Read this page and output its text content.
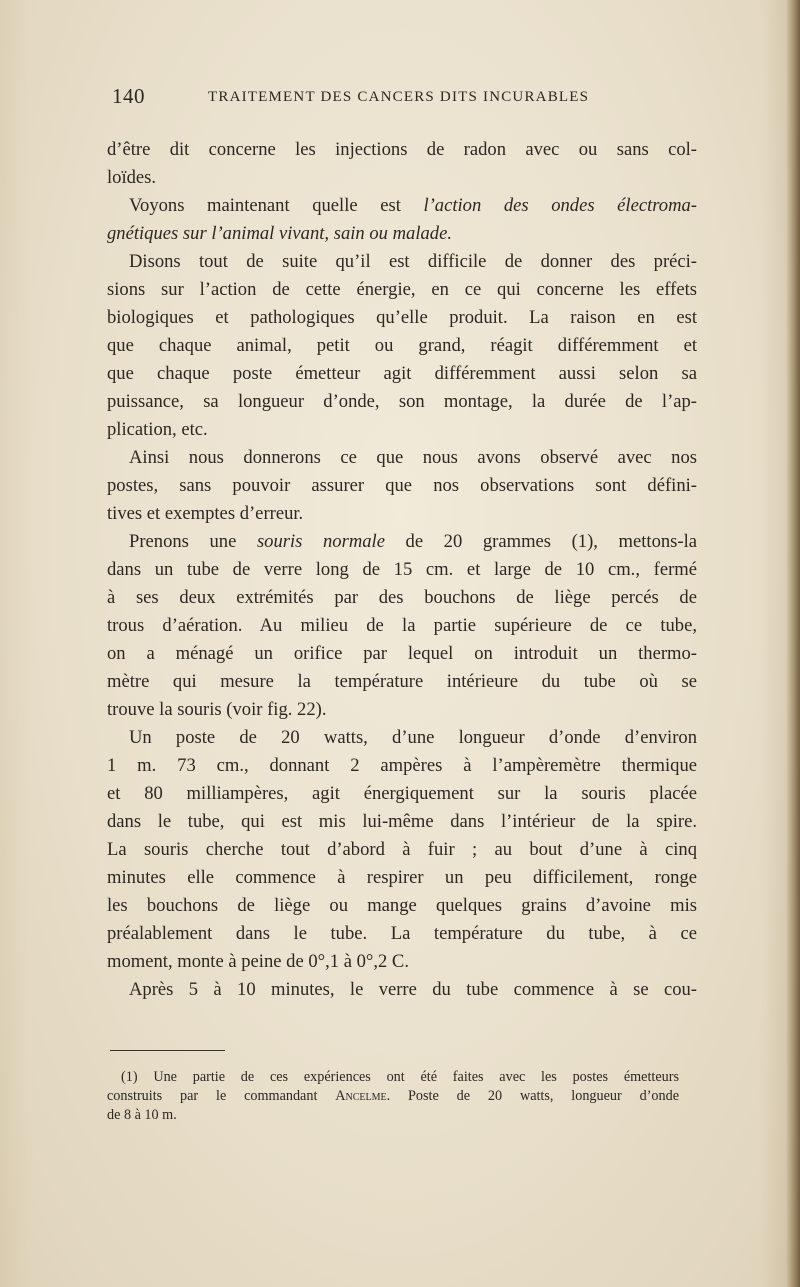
140	TRAITEMENT DES CANCERS DITS INCURABLES
d’être dit concerne les injections de radon avec ou sans col-
loïdes.
Voyons maintenant quelle est l’action des ondes électroma-
gnétiques sur l’animal vivant, sain ou malade.
Disons tout de suite qu’il est difficile de donner des préci-
sions sur l’action de cette énergie, en ce qui concerne les effets
biologiques et pathologiques qu’elle produit. La raison en est
que chaque animal, petit ou grand, réagit différemment et
que chaque poste émetteur agit différemment aussi selon sa
puissance, sa longueur d’onde, son montage, la durée de l’ap-
plication, etc.
Ainsi nous donnerons ce que nous avons observé avec nos
postes, sans pouvoir assurer que nos observations sont défini-
tives et exemptes d’erreur.
Prenons une souris normale de 20 grammes (1), mettons-la
dans un tube de verre long de 15 cm. et large de 10 cm., fermé
à ses deux extrémités par des bouchons de liège percés de
trous d’aération. Au milieu de la partie supérieure de ce tube,
on a ménagé un orifice par lequel on introduit un thermo-
mètre qui mesure la température intérieure du tube où se
trouve la souris (voir fig. 22).
Un poste de 20 watts, d’une longueur d’onde d’environ
1 m. 73 cm., donnant 2 ampères à l’ampèremètre thermique
et 80 milliampères, agit énergiquement sur la souris placée
dans le tube, qui est mis lui-même dans l’intérieur de la spire.
La souris cherche tout d’abord à fuir ; au bout d’une à cinq
minutes elle commence à respirer un peu difficilement, ronge
les bouchons de liège ou mange quelques grains d’avoine mis
préalablement dans le tube. La température du tube, à ce
moment, monte à peine de 0°,1 à 0°,2 C.
Après 5 à 10 minutes, le verre du tube commence à se cou-
(1) Une partie de ces expériences ont été faites avec les postes émetteurs
construits par le commandant Ancelme. Poste de 20 watts, longueur d’onde
de 8 à 10 m.
